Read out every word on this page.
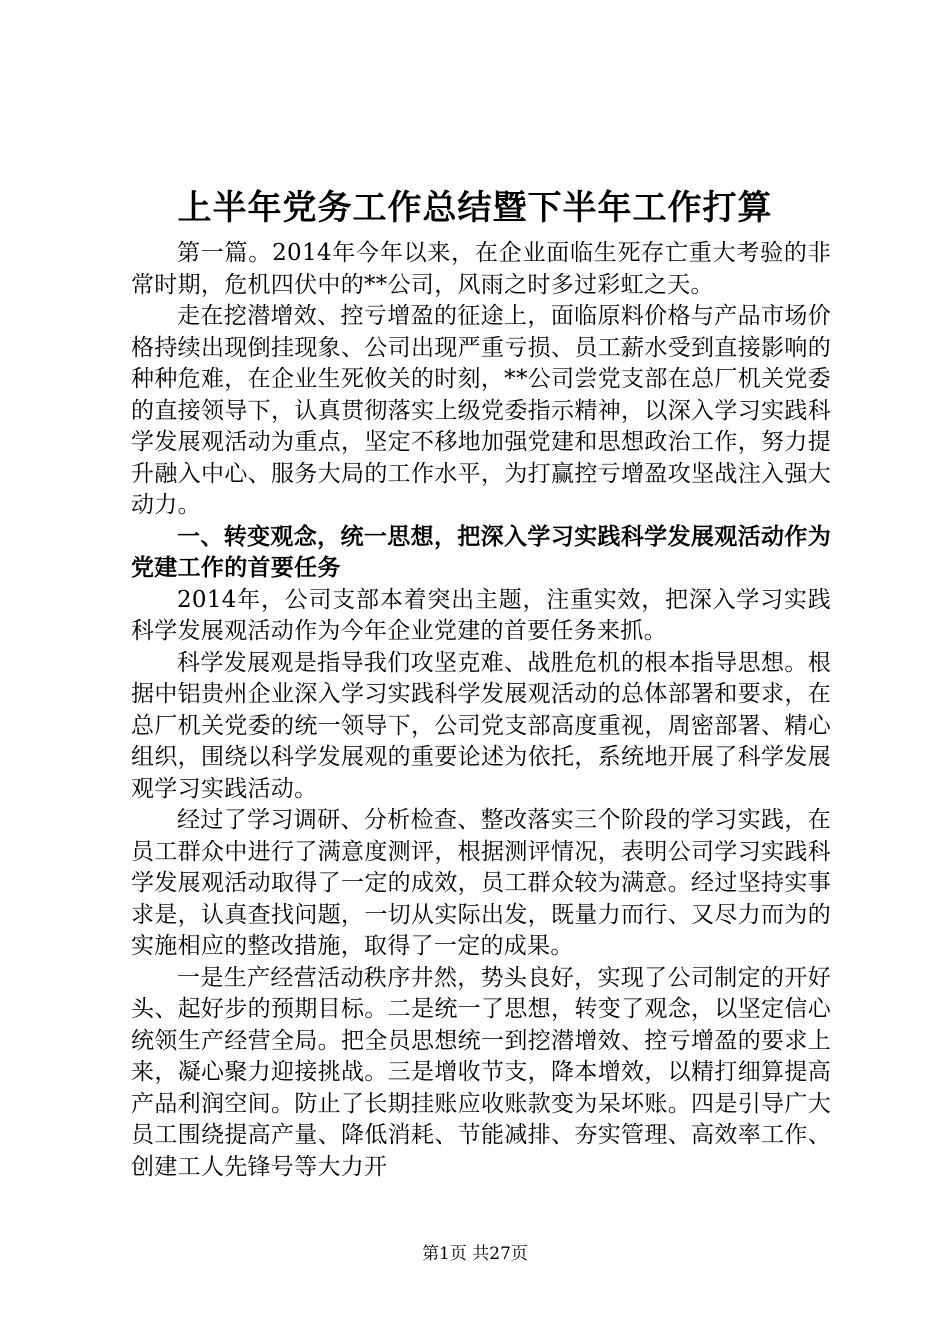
上半年党务工作总结暨下半年工作打算

第一篇。2014年今年以来，在企业面临生死存亡重大考验的非常时期，危机四伏中的**公司，风雨之时多过彩虹之天。

走在挖潜增效、控亏增盈的征途上，面临原料价格与产品市场价格持续出现倒挂现象、公司出现严重亏损、员工薪水受到直接影响的种种危难，在企业生死攸关的时刻，**公司尝党支部在总厂机关党委的直接领导下，认真贯彻落实上级党委指示精神，以深入学习实践科学发展观活动为重点，坚定不移地加强党建和思想政治工作，努力提升融入中心、服务大局的工作水平，为打赢控亏增盈攻坚战注入强大动力。

一、转变观念，统一思想，把深入学习实践科学发展观活动作为党建工作的首要任务

2014年，公司支部本着突出主题，注重实效，把深入学习实践科学发展观活动作为今年企业党建的首要任务来抓。

科学发展观是指导我们攻坚克难、战胜危机的根本指导思想。根据中铝贵州企业深入学习实践科学发展观活动的总体部署和要求，在总厂机关党委的统一领导下，公司党支部高度重视，周密部署、精心组织，围绕以科学发展观的重要论述为依托，系统地开展了科学发展观学习实践活动。

经过了学习调研、分析检查、整改落实三个阶段的学习实践，在员工群众中进行了满意度测评，根据测评情况，表明公司学习实践科学发展观活动取得了一定的成效，员工群众较为满意。经过坚持实事求是，认真查找问题，一切从实际出发，既量力而行、又尽力而为的实施相应的整改措施，取得了一定的成果。

一是生产经营活动秩序井然，势头良好，实现了公司制定的开好头、起好步的预期目标。二是统一了思想，转变了观念，以坚定信心统领生产经营全局。把全员思想统一到挖潜增效、控亏增盈的要求上来，凝心聚力迎接挑战。三是增收节支，降本增效，以精打细算提高产品利润空间。防止了长期挂账应收账款变为呆坏账。四是引导广大员工围绕提高产量、降低消耗、节能减排、夯实管理、高效率工作、创建工人先锋号等大力开

第1页 共27页
